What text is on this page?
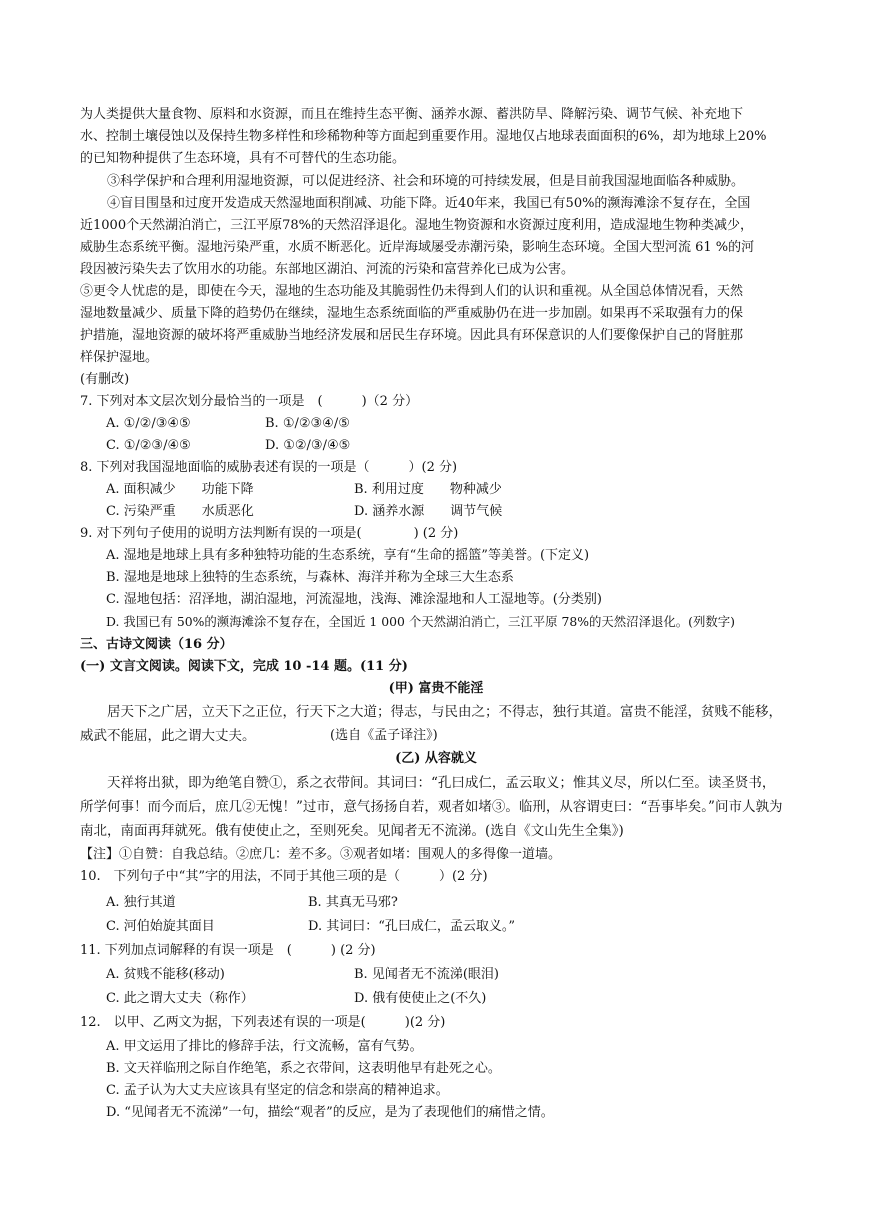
为人类提供大量食物、原料和水资源，而且在维持生态平衡、涵养水源、蓄洪防旱、降解污染、调节气候、补充地下
水、控制土壤侵蚀以及保持生物多样性和珍稀物种等方面起到重要作用。湿地仅占地球表面面积的6%，却为地球上20%
的已知物种提供了生态环境，具有不可替代的生态功能。
③科学保护和合理利用湿地资源，可以促进经济、社会和环境的可持续发展，但是目前我国湿地面临各种威胁。
④盲目围垦和过度开发造成天然湿地面积削减、功能下降。近40年来，我国已有50%的濒海滩涂不复存在，全国
近1000个天然湖泊消亡，三江平原78%的天然沼泽退化。湿地生物资源和水资源过度利用，造成湿地生物种类减少，
威胁生态系统平衡。湿地污染严重，水质不断恶化。近岸海域屡受赤潮污染，影响生态环境。全国大型河流 61 %的河
段因被污染失去了饮用水的功能。东部地区湖泊、河流的污染和富营养化已成为公害。
⑤更令人忧虑的是，即使在今天，湿地的生态功能及其脆弱性仍未得到人们的认识和重视。从全国总体情况看，天然
湿地数量减少、质量下降的趋势仍在继续，湿地生态系统面临的严重威胁仍在进一步加剧。如果再不采取强有力的保
护措施，湿地资源的破坏将严重威胁当地经济发展和居民生存环境。因此具有环保意识的人们要像保护自己的肾脏那
样保护湿地。
(有删改)
7. 下列对本文层次划分最恰当的一项是　(　　　)（2 分）
A. ①/②/③④⑤	B. ①/②③④/⑤
C. ①/②③/④⑤	D. ①②/③/④⑤
8. 下列对我国湿地面临的威胁表述有误的一项是（　　　）(2 分)
A. 面积减少　　功能下降	B. 利用过度　　物种减少
C. 污染严重　　水质恶化	D. 涵养水源　　调节气候
9. 对下列句子使用的说明方法判断有误的一项是(　　　　) (2 分)
A. 湿地是地球上具有多种独特功能的生态系统，享有“生命的摇篮”等美誉。(下定义)
B. 湿地是地球上独特的生态系统，与森林、海洋并称为全球三大生态系
C. 湿地包括：沼泽地，湖泊湿地，河流湿地，浅海、滩涂湿地和人工湿地等。(分类别)
D. 我国已有 50%的濒海滩涂不复存在，全国近 1 000 个天然湖泊消亡，三江平原 78%的天然沼泽退化。(列数字)
三、古诗文阅读（16 分）
(一) 文言文阅读。阅读下文，完成 10 -14 题。(11 分)
(甲) 富贵不能淫
居天下之广居，立天下之正位，行天下之大道；得志，与民由之；不得志，独行其道。富贵不能淫，贫贱不能移，
威武不能屈，此之谓大丈夫。	(选自《孟子译注》)
(乙) 从容就义
天祥将出狱，即为绝笔自赞①，系之衣带间。其词曰：“孔曰成仁，孟云取义；惟其义尽，所以仁至。读圣贤书，
所学何事！而今而后，庶几②无愧！”过市，意气扬扬自若，观者如堵③。临刑，从容谓吏曰：“吾事毕矣。”问市人孰为
南北，南面再拜就死。俄有使使止之，至则死矣。见闻者无不流涕。(选自《文山先生全集》)
【注】①自赞：自我总结。②庶几：差不多。③观者如堵：围观人的多得像一道墙。
10.　下列句子中“其”字的用法，不同于其他三项的是（　　　）(2 分)
A. 独行其道	B. 其真无马邪?
C. 河伯始旋其面目	D. 其词曰：“孔曰成仁，孟云取义。”
11. 下列加点词解释的有误一项是　(　　　) (2 分)
A. 贫贱不能移(移动)	B. 见闻者无不流涕(眼泪)
C. 此之谓大丈夫（称作）	D. 俄有使使止之(不久)
12.　以甲、乙两文为据，下列表述有误的一项是(　　　)(2 分)
A. 甲文运用了排比的修辞手法，行文流畅，富有气势。
B. 文天祥临刑之际自作绝笔，系之衣带间，这表明他早有赴死之心。
C. 孟子认为大丈夫应该具有坚定的信念和崇高的精神追求。
D. “见闻者无不流涕”一句，描绘“观者”的反应，是为了表现他们的痛惜之情。
